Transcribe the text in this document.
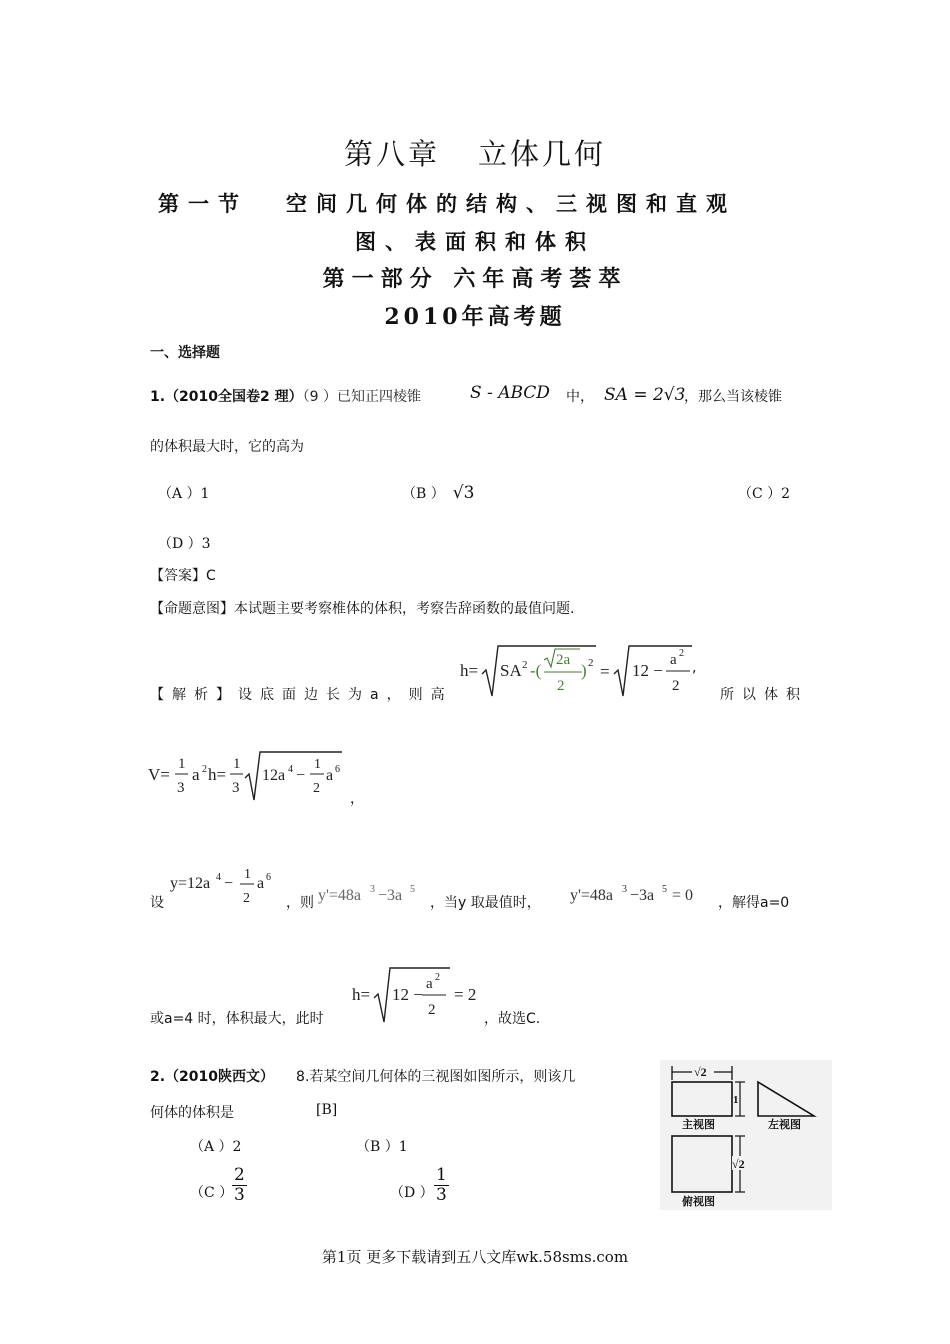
第八章 立体几何
第一节 空间几何体的结构、三视图和直观
图、表面积和体积
第一部分 六年高考荟萃
2010年高考题
一、选择题
1.（2010全国卷2 理）（9 ）已知正四棱锥	S - ABCD 中， SA = 2√3
，那么当该棱锥
的体积最大时，它的高为
（A ）1	（B ） √3	（C ）2
（D ）3
【答案】C
【命题意图】本试题主要考察椎体的体积，考察告辞函数的最值问题.
【解析】设底面边长为a，则高
h= SA 2 -(
2a
2
) 2 = 12 −
a 2
2
,
所以体积
V=
1
3
a 2 h=
1
3
12a 4 −
1
2
a 6
，
设
y=12a 4 −
1
2
a 6
，则 y'=48a 3 −3a 5
，当y 取最值时， y'=48a 3 −3a 5 = 0 ，解得a=0
或a=4 时，体积最大，此时
h= 12 −
a 2
2
= 2
，故选C.
2.（2010陕西文） 8.若某空间几何体的三视图如图所示，则该几
何体的体积是	[B]
（A ）2	（B ）1
（C ）
$\frac{2}{3}$	（D ） $\frac{1}{3}$
√2
1
主视图	左视图
√2
俯视图
第1页 更多下载请到五八文库wk.58sms.com
